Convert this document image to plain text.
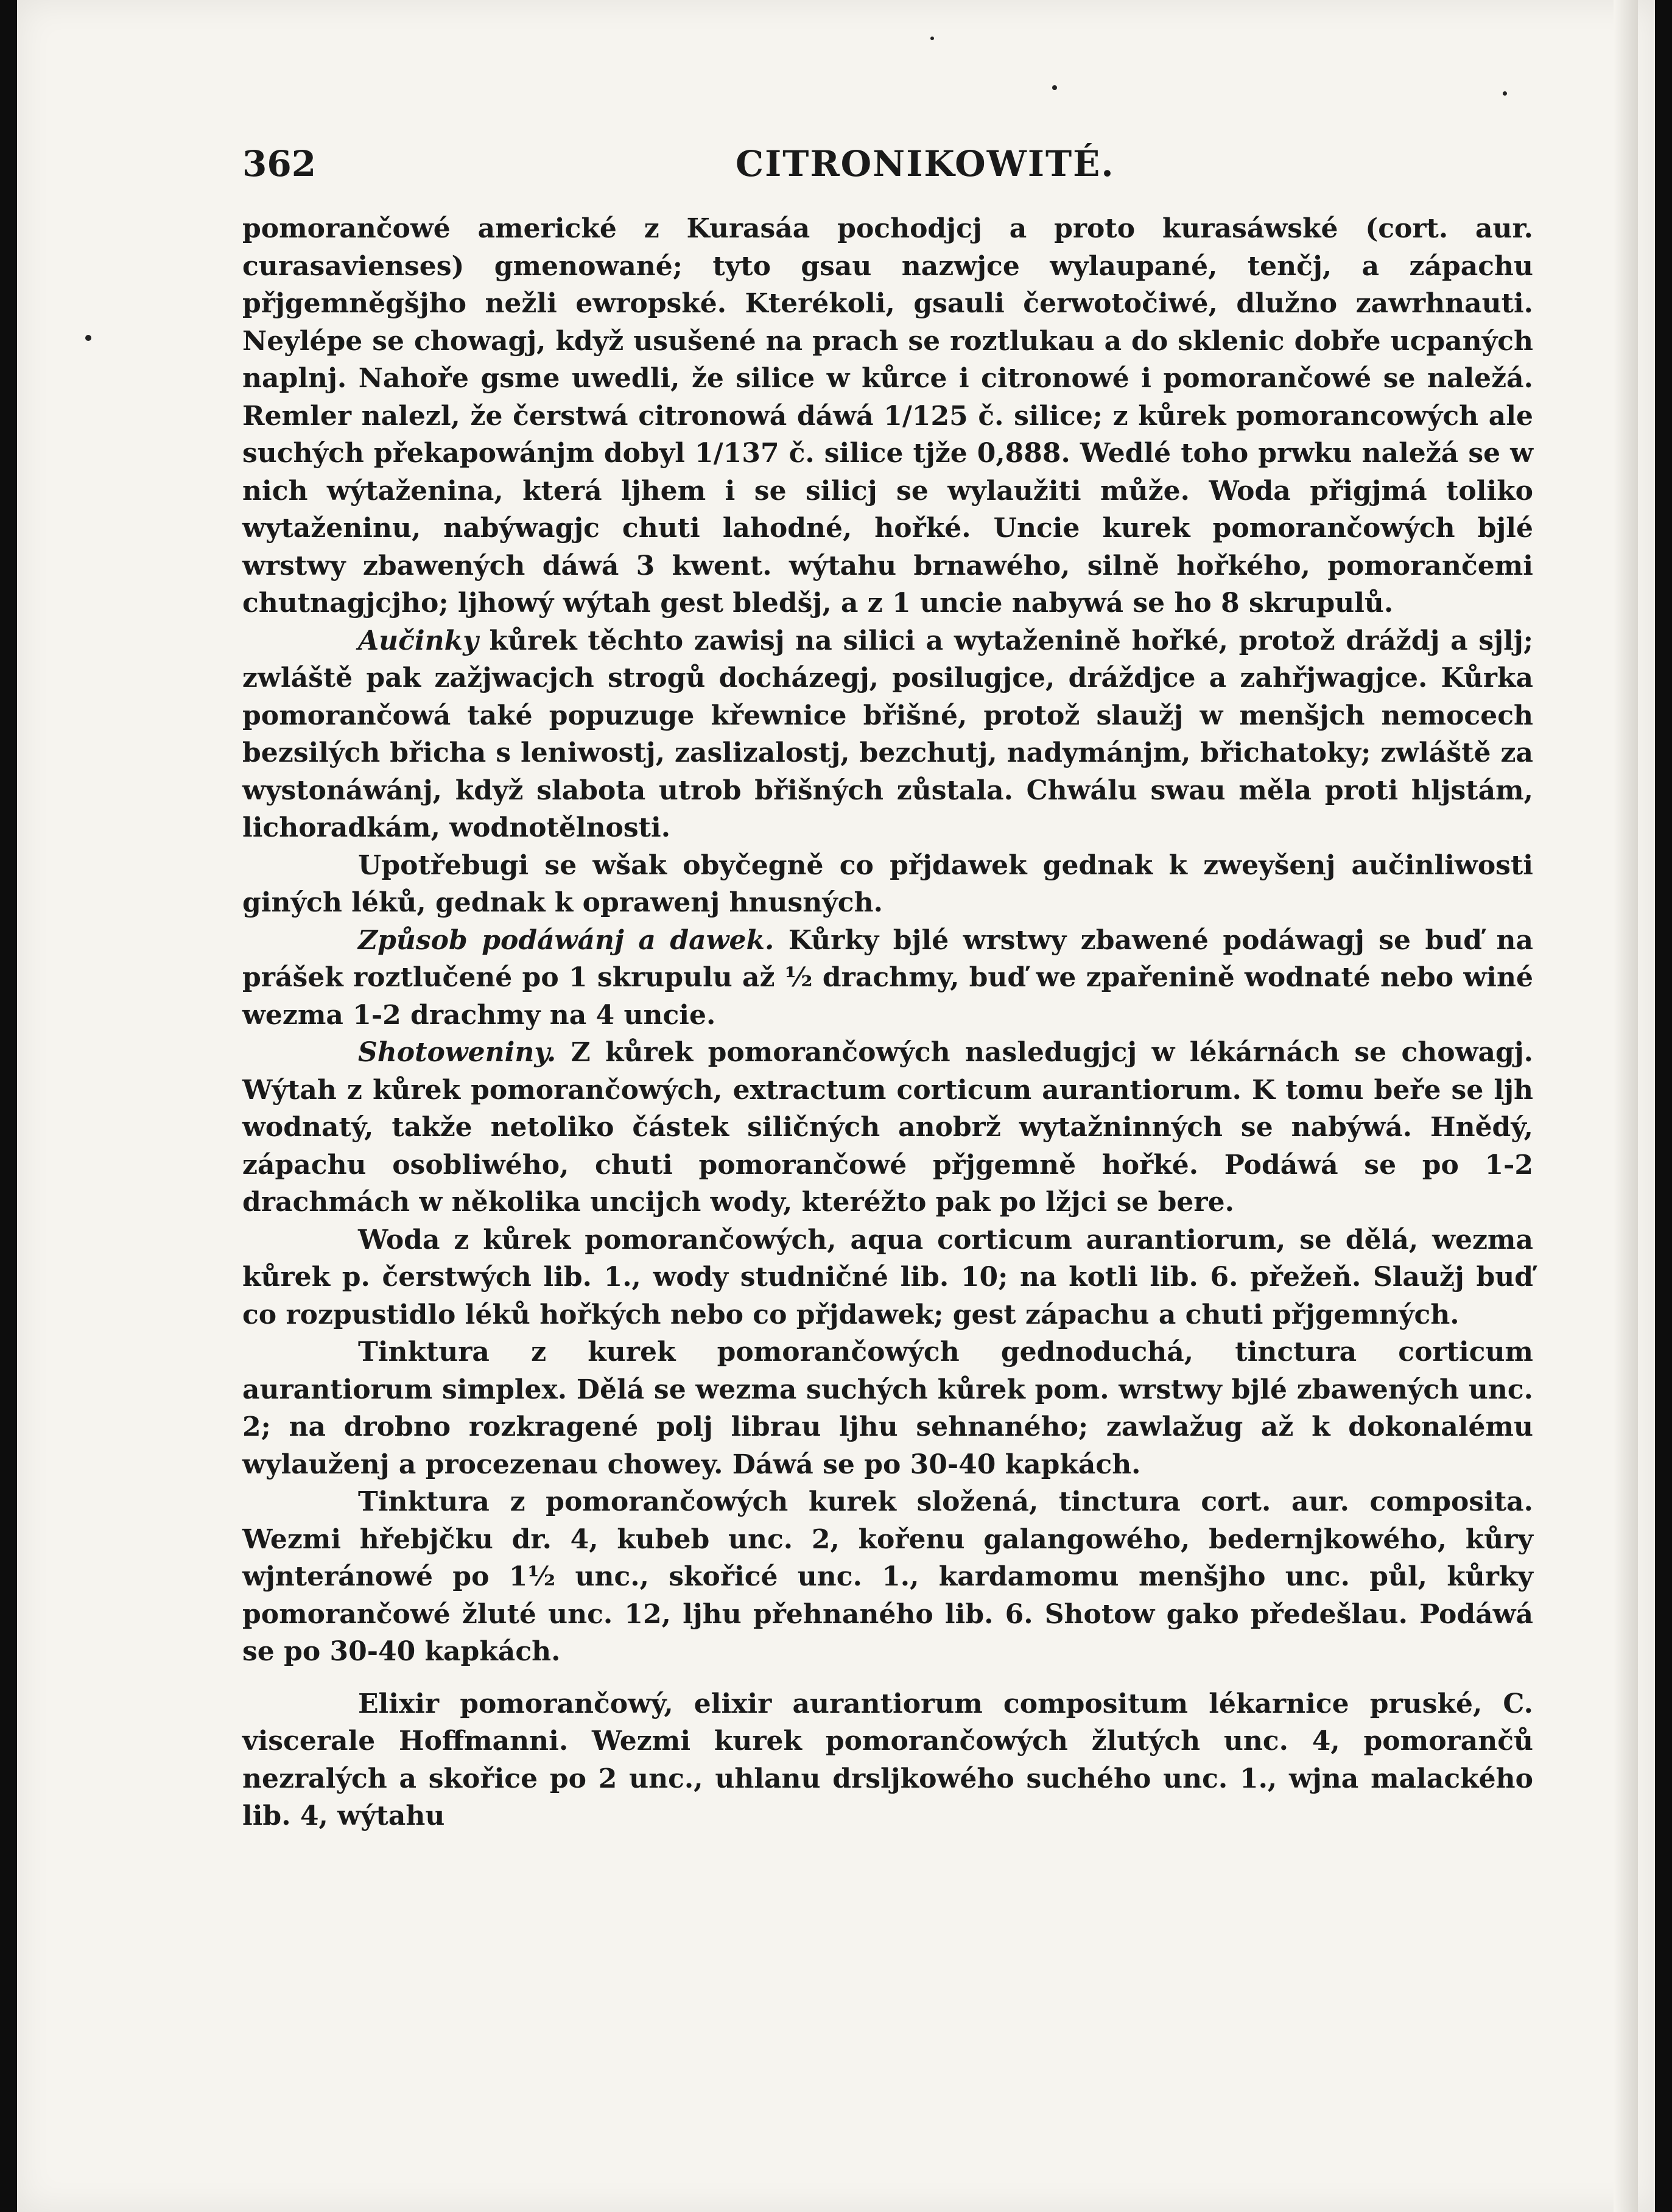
362	CITRONIKOWITÉ.

pomorančowé americké z Kurasáa pochodjcj a proto kurasáwské (cort. aur. curasavienses) gmenowané; tyto gsau nazwjce wylaupané, tenčj, a zápachu přjgemněgšjho nežli ewropské. Kterékoli, gsauli čerwotočiwé, dlužno zawrhnauti. Neylépe se chowagj, když usušené na prach se roztlukau a do sklenic dobře ucpaných naplnj. Nahoře gsme uwedli, že silice w kůrce i citronowé i pomorančowé se naležá. Remler nalezl, že čerstwá citronowá dáwá 1/125 č. silice; z kůrek pomorancowých ale suchých překapowánjm dobyl 1/137 č. silice tjže 0,888. Wedlé toho prwku naležá se w nich wýtaženina, která ljhem i se silicj se wylaužiti může. Woda přigjmá toliko wytaženinu, nabýwagjc chuti lahodné, hořké. Uncie kurek pomorančowých bjlé wrstwy zbawených dáwá 3 kwent. wýtahu brnawého, silně hořkého, pomorančemi chutnagjcjho; ljhowý wýtah gest bledšj, a z 1 uncie nabywá se ho 8 skrupulů.

Aučinky kůrek těchto zawisj na silici a wytaženině hořké, protož dráždj a sjlj; zwláště pak zažjwacjch strogů docházegj, posilugjce, dráždjce a zahřjwagjce. Kůrka pomorančowá také popuzuge křewnice břišné, protož slaužj w menšjch nemocech bezsilých břicha s leniwostj, zaslizalostj, bezchutj, nadymánjm, břichatoky; zwláště za wystonáwánj, když slabota utrob břišných zůstala. Chwálu swau měla proti hljstám, lichoradkám, wodnotělnosti.

Upotřebugi se wšak obyčegně co přjdawek gednak k zweyšenj aučinliwosti giných léků, gednak k oprawenj hnusných.

Způsob podáwánj a dawek. Kůrky bjlé wrstwy zbawené podáwagj se buď na prášek roztlučené po 1 skrupulu až ½ drachmy, buď we zpařenině wodnaté nebo winé wezma 1-2 drachmy na 4 uncie.

Shotoweniny. Z kůrek pomorančowých nasledugjcj w lékárnách se chowagj. Wýtah z kůrek pomorančowých, extractum corticum aurantiorum. K tomu beře se ljh wodnatý, takže netoliko částek siličných anobrž wytažninných se nabýwá. Hnědý, zápachu osobliwého, chuti pomorančowé přjgemně hořké. Podáwá se po 1-2 drachmách w několika uncijch wody, kteréžto pak po lžjci se bere.

Woda z kůrek pomorančowých, aqua corticum aurantiorum, se dělá, wezma kůrek p. čerstwých lib. 1., wody studničné lib. 10; na kotli lib. 6. přežeň. Slaužj buď co rozpustidlo léků hořkých nebo co přjdawek; gest zápachu a chuti přjgemných.

Tinktura z kurek pomorančowých gednoduchá, tinctura corticum aurantiorum simplex. Dělá se wezma suchých kůrek pom. wrstwy bjlé zbawených unc. 2; na drobno rozkragené polj librau ljhu sehnaného; zawlažug až k dokonalému wylauženj a procezenau chowey. Dáwá se po 30-40 kapkách.

Tinktura z pomorančowých kurek složená, tinctura cort. aur. composita. Wezmi hřebjčku dr. 4, kubeb unc. 2, kořenu galangowého, bedernjkowého, kůry wjnteránowé po 1½ unc., skořicé unc. 1., kardamomu menšjho unc. půl, kůrky pomorančowé žluté unc. 12, ljhu přehnaného lib. 6. Shotow gako předešlau. Podáwá se po 30-40 kapkách.

Elixir pomorančowý, elixir aurantiorum compositum lékarnice pruské, C. viscerale Hoffmanni. Wezmi kurek pomorančowých žlutých unc. 4, pomorančů nezralých a skořice po 2 unc., uhlanu drsljkowého suchého unc. 1., wjna malackého lib. 4, wýtahu
